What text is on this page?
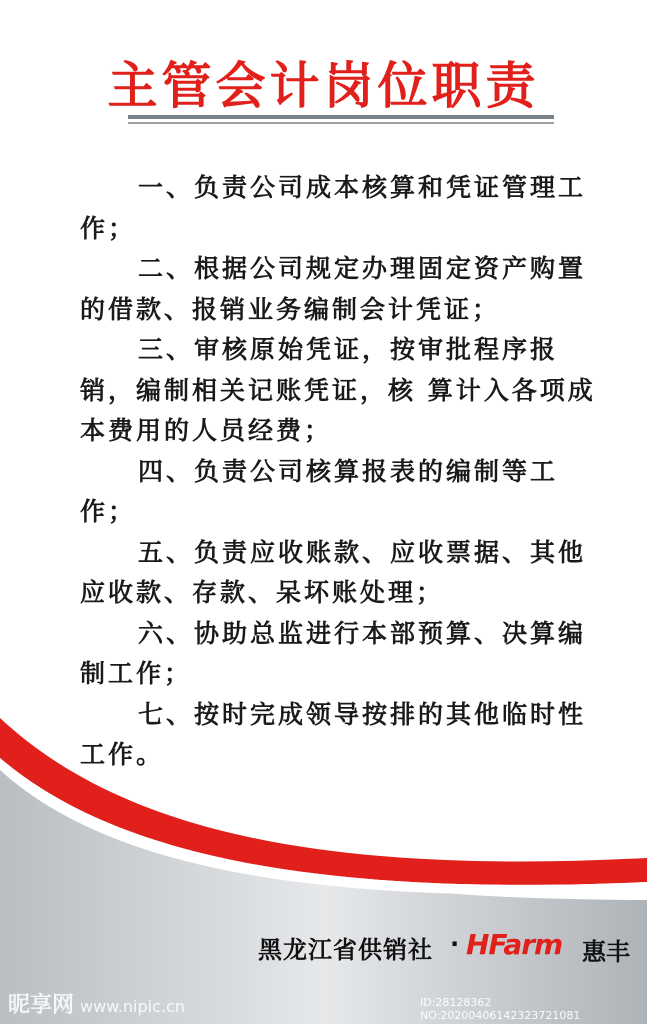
主管会计岗位职责

一、负责公司成本核算和凭证管理工作；

二、根据公司规定办理固定资产购置的借款、报销业务编制会计凭证；

三、审核原始凭证，按审批程序报销，编制相关记账凭证，核 算计入各项成本费用的人员经费；

四、负责公司核算报表的编制等工作；

五、负责应收账款、应收票据、其他应收款、存款、呆坏账处理；

六、协助总监进行本部预算、决算编制工作；

七、按时完成领导按排的其他临时性工作。

黑龙江省供销社 · HFarm 惠丰
昵享网 www.nipic.cn	ID:28128362 NO:20200406142323721081
